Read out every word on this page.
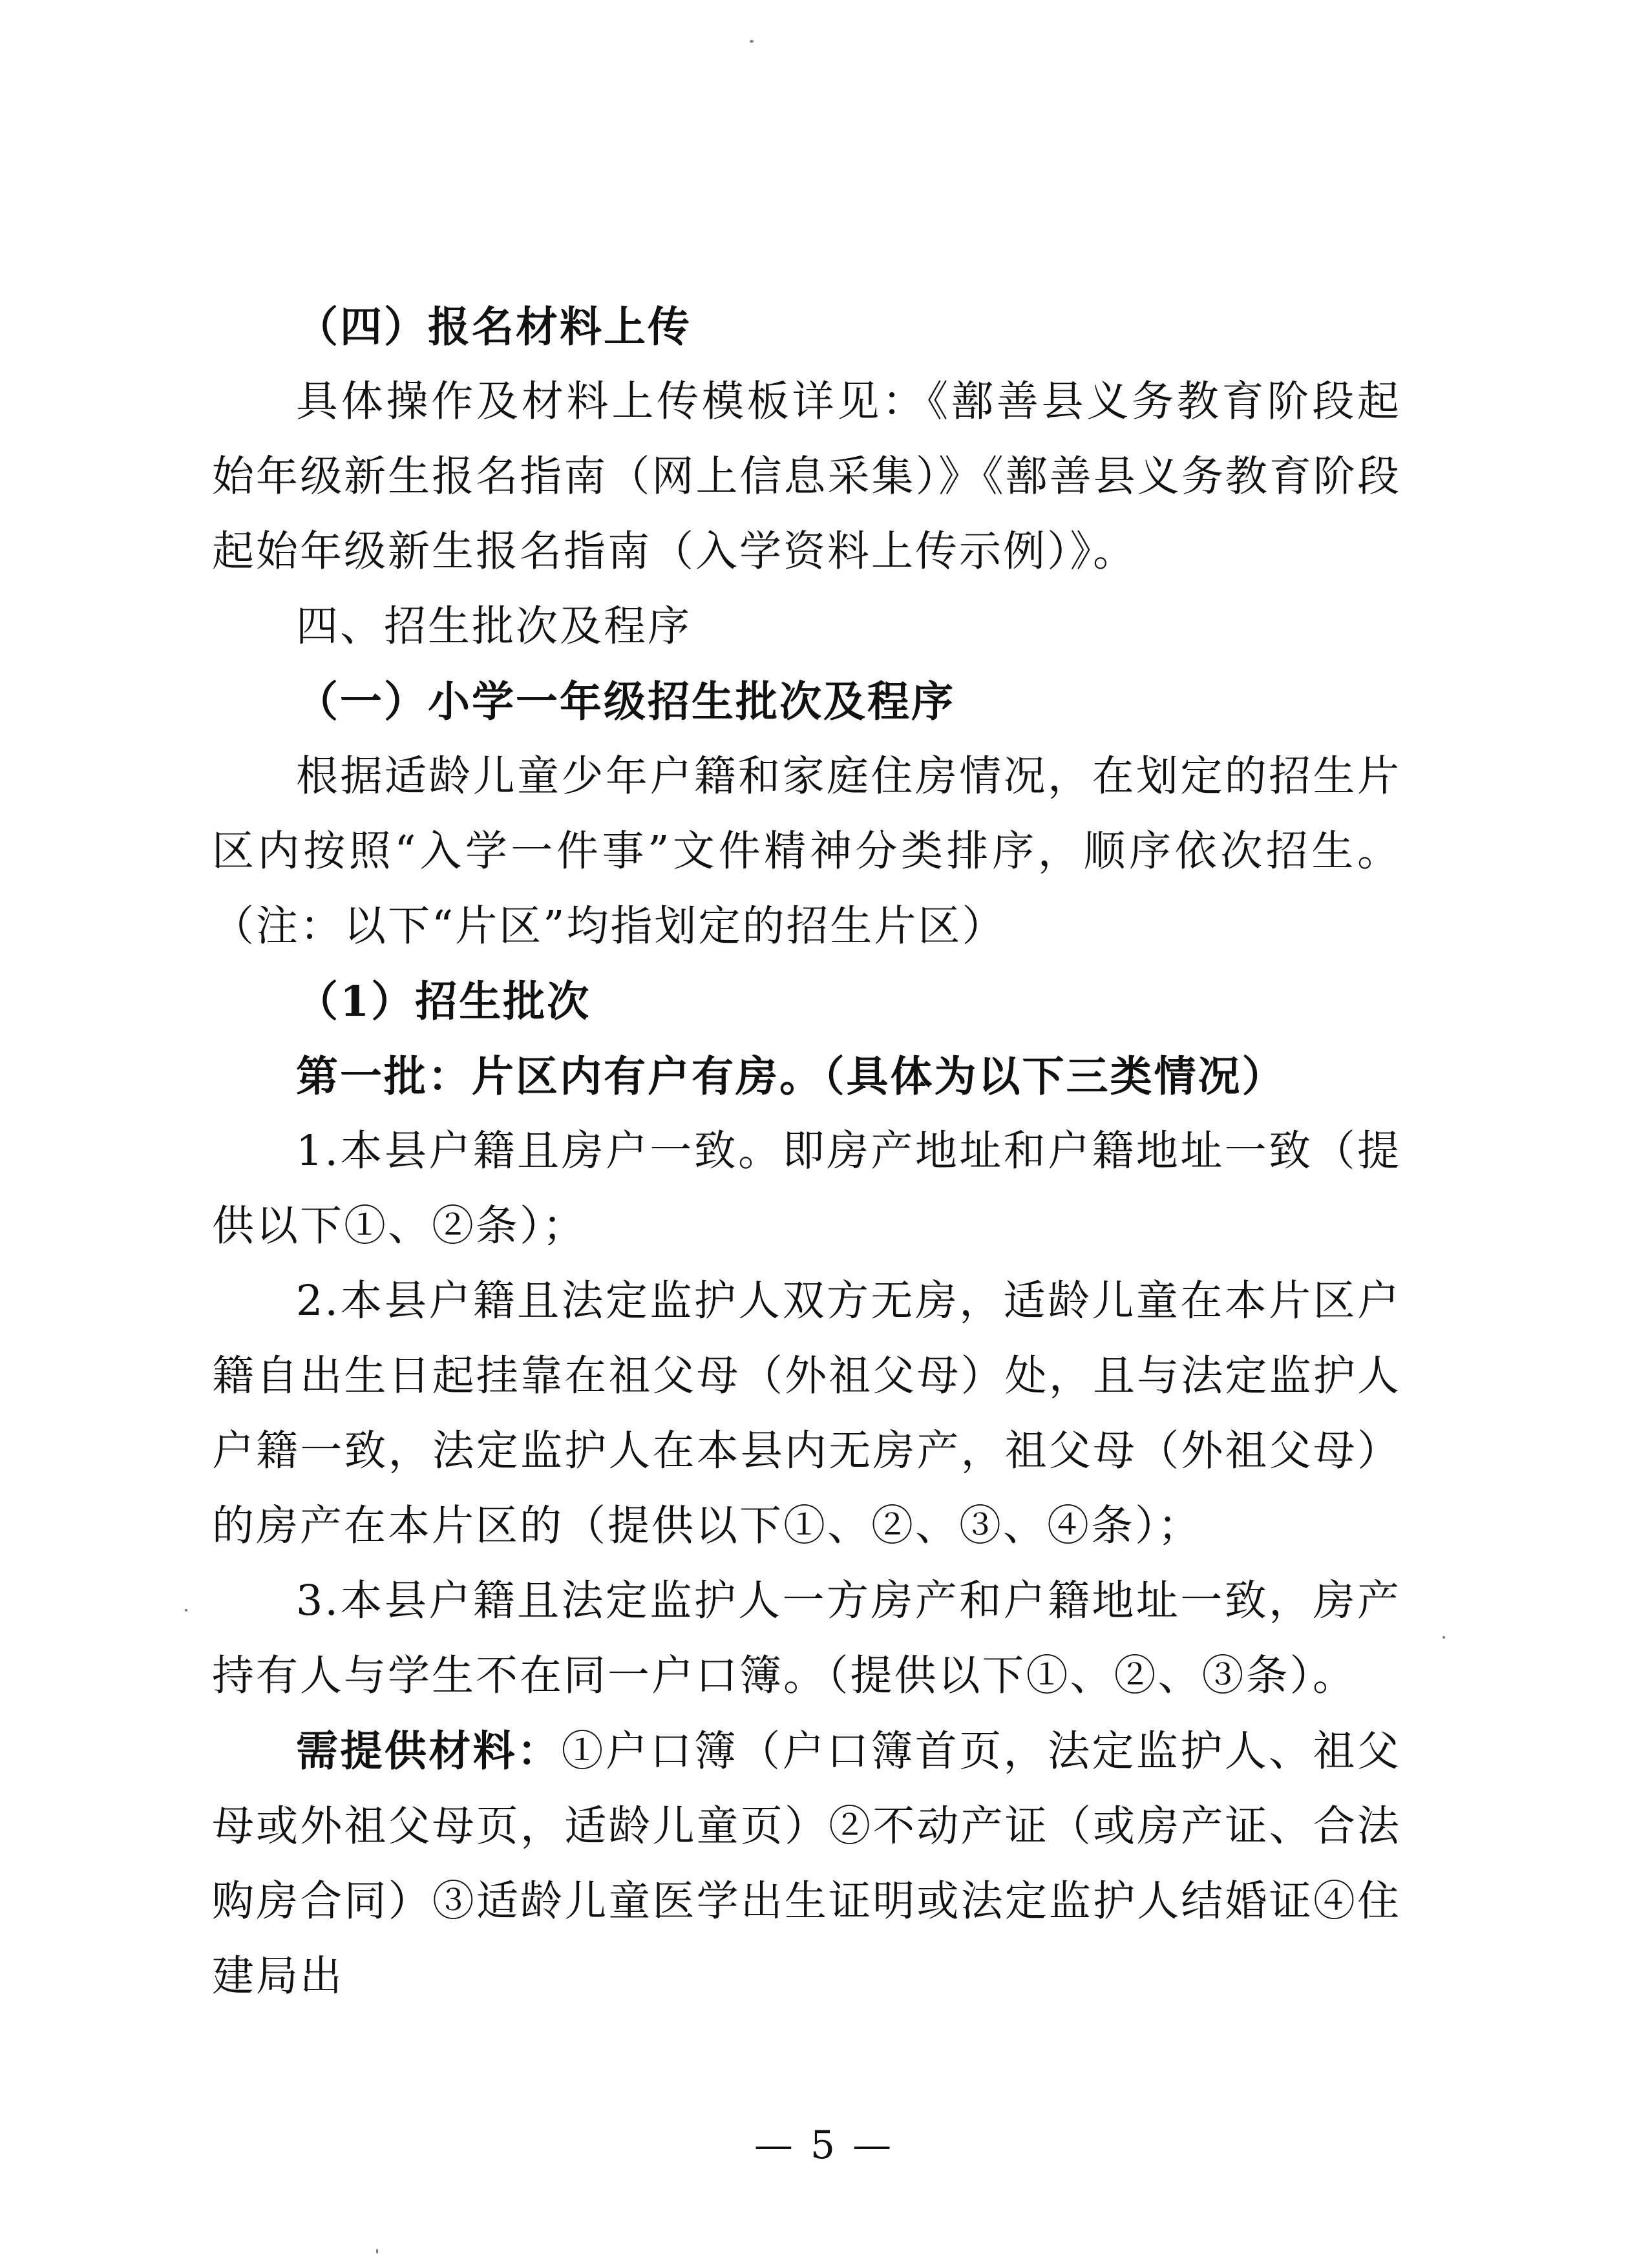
（四）报名材料上传

具体操作及材料上传模板详见：《鄯善县义务教育阶段起始年级新生报名指南（网上信息采集）》《鄯善县义务教育阶段起始年级新生报名指南（入学资料上传示例）》。

四、招生批次及程序

（一）小学一年级招生批次及程序

根据适龄儿童少年户籍和家庭住房情况，在划定的招生片区内按照“入学一件事”文件精神分类排序，顺序依次招生。（注：以下“片区”均指划定的招生片区）

（1）招生批次

第一批：片区内有户有房。（具体为以下三类情况）

1.本县户籍且房户一致。即房产地址和户籍地址一致（提供以下①、②条）；

2.本县户籍且法定监护人双方无房，适龄儿童在本片区户籍自出生日起挂靠在祖父母（外祖父母）处，且与法定监护人户籍一致，法定监护人在本县内无房产，祖父母（外祖父母）的房产在本片区的（提供以下①、②、③、④条）；

3.本县户籍且法定监护人一方房产和户籍地址一致，房产持有人与学生不在同一户口簿。（提供以下①、②、③条）。

需提供材料：①户口簿（户口簿首页，法定监护人、祖父母或外祖父母页，适龄儿童页）②不动产证（或房产证、合法购房合同）③适龄儿童医学出生证明或法定监护人结婚证④住建局出

— 5 —
